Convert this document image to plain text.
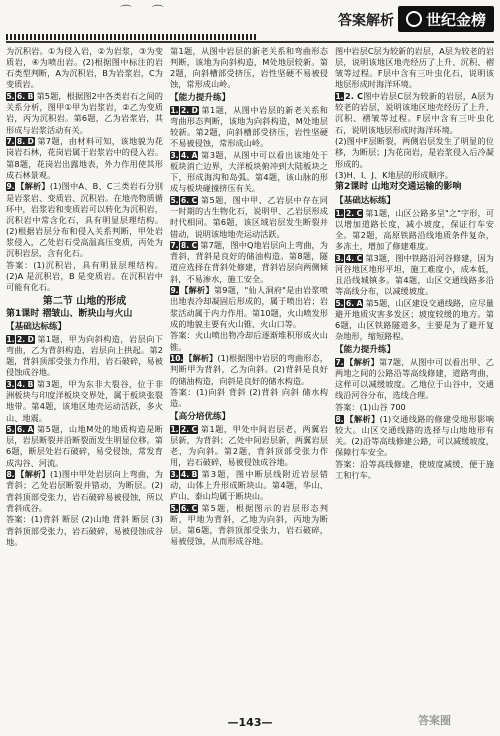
⌒ ⌒
答案解析 世纪金榜

为沉积岩。①为侵入岩，②为岩浆，③为变质岩，④为喷出岩。(2)根据图中标注的岩石类型判断，A为沉积岩，B为岩浆岩，C为变质岩。

5. 6. B 第5题，根据图2中各类岩石之间的关系分析，图甲①甲为岩浆岩，②乙为变质岩，丙为沉积岩。第6题，乙为岩浆岩，其形成与岩浆活动有关。

7. 8. D 第7题，由材料可知，该地貌为花岗岩石林，花岗岩属于岩浆岩中的侵入岩。第8题，花岗岩出露地表，外力作用使其形成石林景观。

9.【解析】(1)图中A、B、C三类岩石分别是岩浆岩、变质岩、沉积岩。在地壳物质循环中，岩浆岩和变质岩可以转化为沉积岩，沉积岩中常含化石，具有明显层理结构。(2)根据岩层分布和侵入关系判断，甲处岩浆侵入，乙处岩石受高温高压变质，丙处为沉积岩层，含有化石。

答案：(1)沉积岩，具有明显层理结构。(2)A 是沉积岩，B 是变质岩。在沉积岩中可能有化石。

第二节 山地的形成
第1课时 褶皱山、断块山与火山
【基础达标练】

1. 2. D 第1题，甲为向斜构造，岩层向下弯曲，乙为背斜构造，岩层向上拱起。第2题，背斜顶部受张力作用，岩石破碎，易被侵蚀成谷地。

3. 4. B 第3题，甲为东非大裂谷，位于非洲板块与印度洋板块交界处，属于板块张裂地带。第4题，该地区地壳运动活跃，多火山、地震。

5. 6. A 第5题，山地M处的地质构造是断层，岩层断裂并沿断裂面发生明显位移。第6题，断层处岩石破碎，易受侵蚀，常发育成沟谷、河流。

8.【解析】(1)图中甲处岩层向上弯曲，为背斜；乙处岩层断裂并错动，为断层。(2)背斜顶部受张力，岩石破碎易被侵蚀，所以背斜成谷。

答案：(1)背斜 断层 (2)山地 背斜 断层 (3)背斜顶部受张力，岩石破碎，易被侵蚀成谷地。

第1题，从图中岩层的新老关系和弯曲形态判断，该地为向斜构造，M处地层较新。第2题，向斜槽部受挤压，岩性坚硬不易被侵蚀，常形成山岭。

【能力提升练】

1. 2. D 第1题，从图中岩层的新老关系和弯曲形态判断，该地为向斜构造，M处地层较新。第2题，向斜槽部受挤压，岩性坚硬不易被侵蚀，常形成山岭。

3. 4. A 第3题，从图中可以看出该地处于板块消亡边界，大洋板块俯冲到大陆板块之下，形成海沟和岛弧。第4题，该山脉的形成与板块碰撞挤压有关。

5. 6. C 第5题，图中甲、乙岩层中存在同一时期的古生物化石，说明甲、乙岩层形成时代相同。第6题，该区域岩层发生断裂并错动，说明该地地壳运动活跃。

7. 8. C 第7题，图中Q地岩层向上弯曲，为背斜，背斜是良好的储油构造。第8题，隧道应选择在背斜处修建，背斜岩层向两侧倾斜，不易渗水，施工安全。

9.【解析】第9题，"仙人洞府"是由岩浆喷出地表冷却凝固后形成的，属于喷出岩；岩浆活动属于内力作用。第10题，火山喷发形成的地貌主要有火山锥、火山口等。

答案：火山喷出物冷却后逐渐堆积形成火山锥。

10.【解析】(1)根据图中岩层的弯曲形态，判断甲为背斜，乙为向斜。(2)背斜是良好的储油构造，向斜是良好的储水构造。

答案：(1)向斜 背斜 (2)背斜 向斜 储水构造。

【高分培优练】

1. 2. C 第1题，甲处中间岩层老，两翼岩层新，为背斜；乙处中间岩层新，两翼岩层老，为向斜。第2题，背斜顶部受张力作用，岩石破碎，易被侵蚀成谷地。

3. 4. B 第3题，图中断层线附近岩层错动，山体上升形成断块山。第4题，华山、庐山、泰山均属于断块山。

5. 6. C 第5题，根据图示的岩层形态判断，甲地为背斜，乙地为向斜，丙地为断层。第6题，背斜顶部受张力，岩石破碎，易被侵蚀，从而形成谷地。

图中岩层C层为较新的岩层，A层为较老的岩层，说明该地区地壳经历了上升、沉积、褶皱等过程。F层中含有三叶虫化石，说明该地层形成时海洋环境。

1.2. C图中岩层C层为较新的岩层，A层为较老的岩层，说明该地区地壳经历了上升、沉积、褶皱等过程。F层中含有三叶虫化石，说明该地层形成时海洋环境。

(2)图中F层断裂，两侧岩层发生了明显的位移，为断层；J为花岗岩，是岩浆侵入后冷凝形成的。

(3)H、I、J、K地层的形成顺序。

第2课时 山地对交通运输的影响
【基础达标练】

1. 2. C 第1题，山区公路多呈"之"字形，可以增加道路长度，减小坡度，保证行车安全。第2题，高原铁路沿线地质条件复杂，多冻土，增加了修建难度。

3. 4. C 第3题，图中铁路沿河谷修建，因为河谷地区地形平坦，施工难度小，成本低，且沿线城镇多。第4题，山区交通线路多沿等高线分布，以减缓坡度。

5. 6. A 第5题，山区建设交通线路，应尽量避开地质灾害多发区；坡度较缓的地方。第6题，山区铁路隧道多，主要是为了避开复杂地形，缩短路程。

【能力提升练】

7.【解析】第7题，从图中可以看出甲、乙两地之间的公路沿等高线修建，道路弯曲，这样可以减缓坡度。乙地位于山谷中，交通线沿河谷分布，选线合理。

答案：(1)山谷 700

8.【解析】(1)交通线路的修建受地形影响较大。山区交通线路的选择与山地地形有关。(2)沿等高线修建公路，可以减缓坡度，保障行车安全。

答案：沿等高线修建，使坡度减缓，便于施工和行车。

—143—	答案圈
